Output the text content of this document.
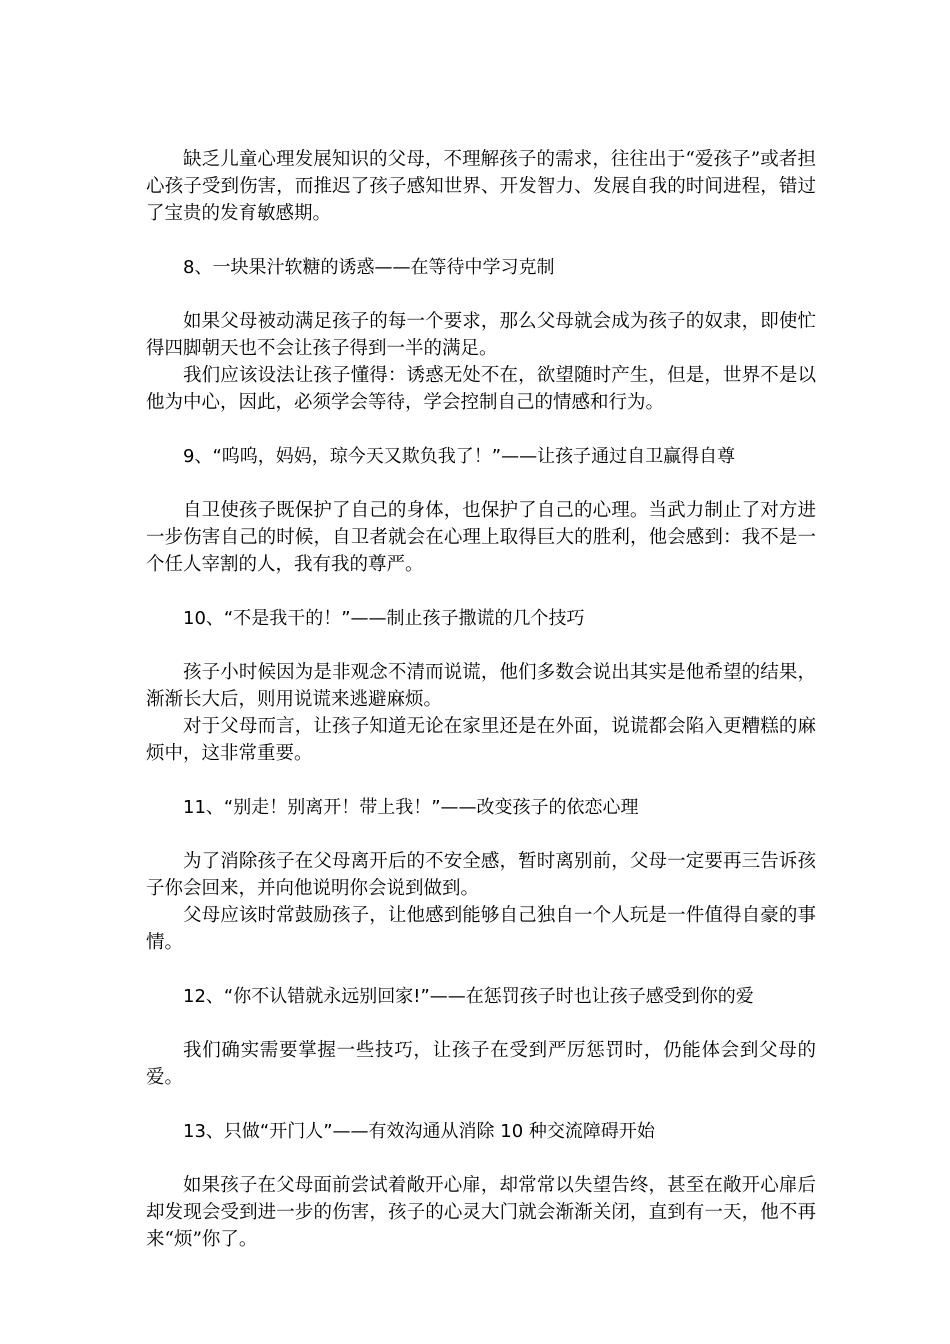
缺乏儿童心理发展知识的父母，不理解孩子的需求，往往出于“爱孩子”或者担心孩子受到伤害，而推迟了孩子感知世界、开发智力、发展自我的时间进程，错过了宝贵的发育敏感期。

8、一块果汁软糖的诱惑——在等待中学习克制

如果父母被动满足孩子的每一个要求，那么父母就会成为孩子的奴隶，即使忙得四脚朝天也不会让孩子得到一半的满足。

我们应该设法让孩子懂得：诱惑无处不在，欲望随时产生，但是，世界不是以他为中心，因此，必须学会等待，学会控制自己的情感和行为。

9、“呜呜，妈妈，琼今天又欺负我了！”——让孩子通过自卫赢得自尊

自卫使孩子既保护了自己的身体，也保护了自己的心理。当武力制止了对方进一步伤害自己的时候，自卫者就会在心理上取得巨大的胜利，他会感到：我不是一个任人宰割的人，我有我的尊严。

10、“不是我干的！”——制止孩子撒谎的几个技巧

孩子小时候因为是非观念不清而说谎，他们多数会说出其实是他希望的结果，渐渐长大后，则用说谎来逃避麻烦。

对于父母而言，让孩子知道无论在家里还是在外面，说谎都会陷入更糟糕的麻烦中，这非常重要。

11、“别走！别离开！带上我！”——改变孩子的依恋心理

为了消除孩子在父母离开后的不安全感，暂时离别前，父母一定要再三告诉孩子你会回来，并向他说明你会说到做到。

父母应该时常鼓励孩子，让他感到能够自己独自一个人玩是一件值得自豪的事情。

12、“你不认错就永远别回家!”——在惩罚孩子时也让孩子感受到你的爱

我们确实需要掌握一些技巧，让孩子在受到严厉惩罚时，仍能体会到父母的爱。

13、只做“开门人”——有效沟通从消除 10 种交流障碍开始

如果孩子在父母面前尝试着敞开心扉，却常常以失望告终，甚至在敞开心扉后却发现会受到进一步的伤害，孩子的心灵大门就会渐渐关闭，直到有一天，他不再来“烦”你了。
